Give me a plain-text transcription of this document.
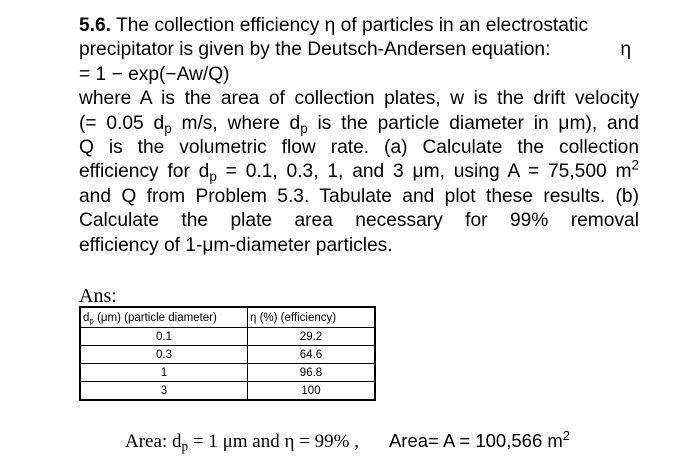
5.6. The collection efficiency η of particles in an electrostatic
precipitator is given by the Deutsch-Andersen equation:	η
= 1 − exp(−Aw/Q)
where A is the area of collection plates, w is the drift velocity
(= 0.05 $d_p$ m/s, where $d_p$ is the particle diameter in μm), and
Q is the volumetric flow rate. (a) Calculate the collection
efficiency for $d_p = 0.1$, 0.3, 1, and 3 μm, using A = 75,500 $m^2$
and Q from Problem 5.3. Tabulate and plot these results. (b)
Calculate the plate area necessary for 99% removal
efficiency of 1-μm-diameter particles.
Ans:
$d_p$ (μm) (particle diameter)	η (%) (efficiency)
0.1	29.2
0.3	64.6
1	96.8
3	100
Area: $d_p = 1$ μm and η = 99% , Area= A = 100,566 $m^2$
